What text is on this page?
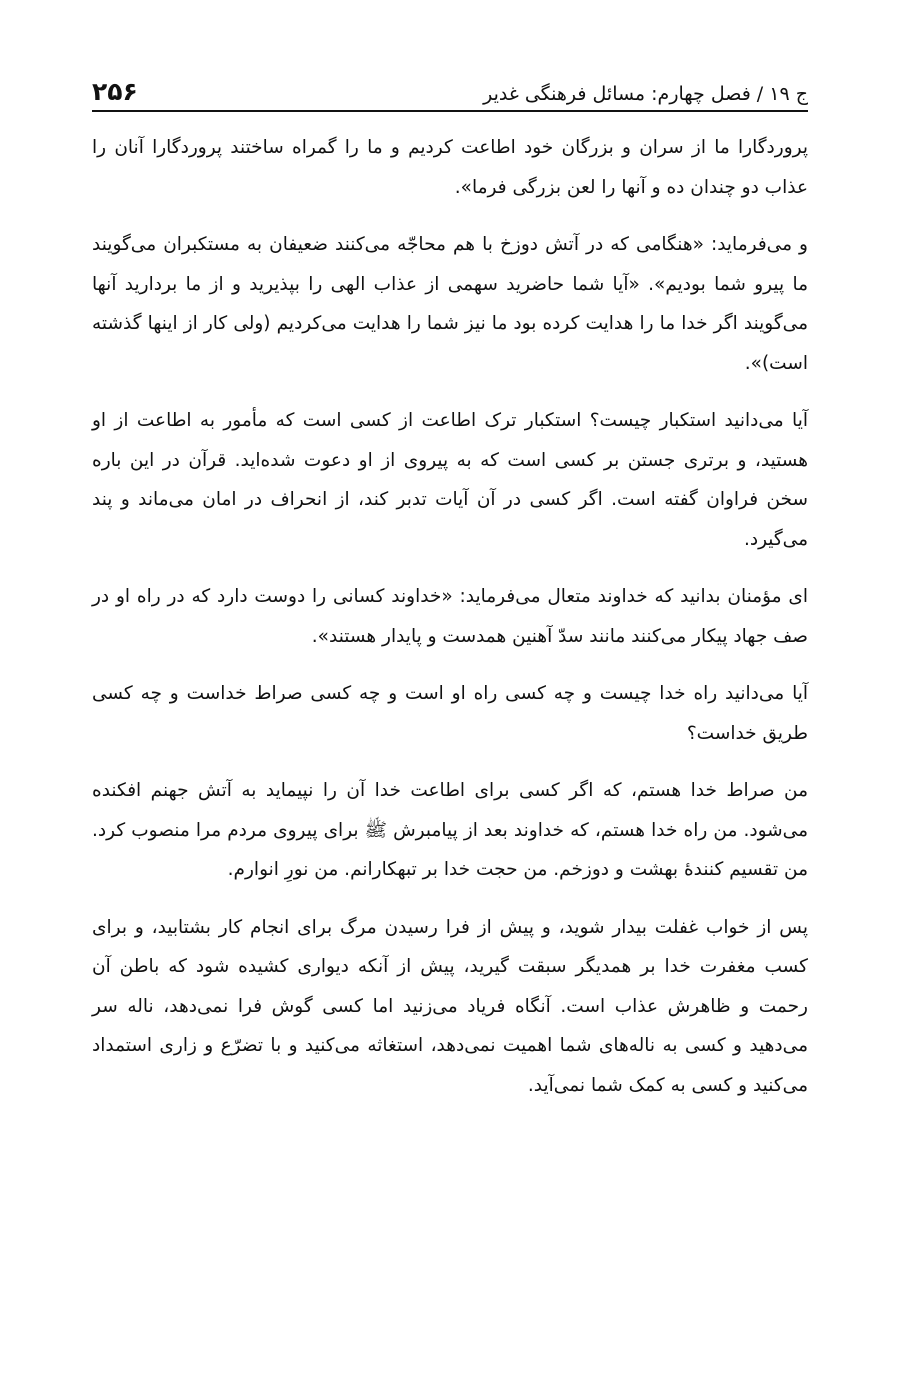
ج ۱۹ / فصل چهارم: مسائل فرهنگی غدیر
۲۵۶

پروردگارا ما از سران و بزرگان خود اطاعت کردیم و ما را گمراه ساختند پروردگارا آنان را عذاب دو چندان ده و آنها را لعن بزرگی فرما».

و می‌فرماید: «هنگامی که در آتش دوزخ با هم محاجّه می‌کنند ضعیفان به مستکبران می‌گویند ما پیرو شما بودیم». «آیا شما حاضرید سهمی از عذاب الهی را بپذیرید و از ما بردارید آنها می‌گویند اگر خدا ما را هدایت کرده بود ما نیز شما را هدایت می‌کردیم (ولی کار از اینها گذشته است)».

آیا می‌دانید استکبار چیست؟ استکبار ترک اطاعت از کسی است که مأمور به اطاعت از او هستید، و برتری جستن بر کسی است که به پیروی از او دعوت شده‌اید. قرآن در این باره سخن فراوان گفته است. اگر کسی در آن آیات تدبر کند، از انحراف در امان می‌ماند و پند می‌گیرد.

ای مؤمنان بدانید که خداوند متعال می‌فرماید: «خداوند کسانی را دوست دارد که در راه او در صف جهاد پیکار می‌کنند مانند سدّ آهنین همدست و پایدار هستند».

آیا می‌دانید راه خدا چیست و چه کسی راه او است و چه کسی صراط خداست و چه کسی طریق خداست؟

من صراط خدا هستم، که اگر کسی برای اطاعت خدا آن را نپیماید به آتش جهنم افکنده می‌شود. من راه خدا هستم، که خداوند بعد از پیامبرش ﷺ برای پیروی مردم مرا منصوب کرد. من تقسیم کنندهٔ بهشت و دوزخم. من حجت خدا بر تبهکارانم. من نورِ انوارم.

پس از خواب غفلت بیدار شوید، و پیش از فرا رسیدن مرگ برای انجام کار بشتابید، و برای کسب مغفرت خدا بر همدیگر سبقت گیرید، پیش از آنکه دیواری کشیده شود که باطن آن رحمت و ظاهرش عذاب است. آنگاه فریاد می‌زنید اما کسی گوش فرا نمی‌دهد، ناله سر می‌دهید و کسی به ناله‌های شما اهمیت نمی‌دهد، استغاثه می‌کنید و با تضرّع و زاری استمداد می‌کنید و کسی به کمک شما نمی‌آید.
